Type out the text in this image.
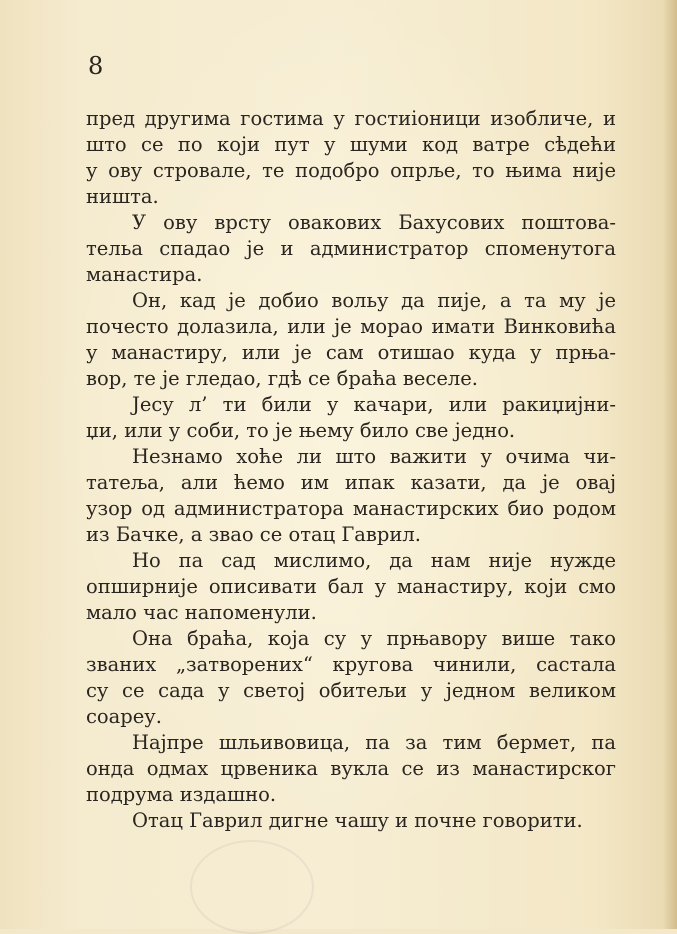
8
пред другима гостима у гостиіоници изобличе, и
што се по који пут у шуми код ватре сѣдећи
у ову стровале, те подобро опрље, то њима није
ништа.
У ову врсту оваковиx Баxусовиx поштова-
тельа спадао je и администратор споменутога
манастира.
Он, кад je добио вольу да пије, а та му je
почесто долазила, или je морао имати Винковића
у манастиру, или je сам отишао куда у прњa-
вор, те je гледао, гдѣ се браћа веселе.
Јесу л’ ти били у качари, или ракиџијни-
џи, или у соби, то je њему било све једно.
Незнамо xoће ли што важити у очима чи-
татеља, али ћемо им ипак казати, да je овај
узор од администратора манастирскиx био родом
из Бачке, а звао се отац Гаврил.
Но па сад мислимо, да нам није нужде
опширније описивати бал у манастиру, који смо
мало час напоменули.
Она браћа, која су у прњавору више тако
званиx „затворениx“ кругова чинили, састала
су се сада у светој обитељи у једном великом
соареу.
Најпре шльивовица, па за тим бермет, па
онда одмаx црвеника вукла се из манастирског
подрума издашно.
Отац Гаврил дигне чашу и почне говорити.
